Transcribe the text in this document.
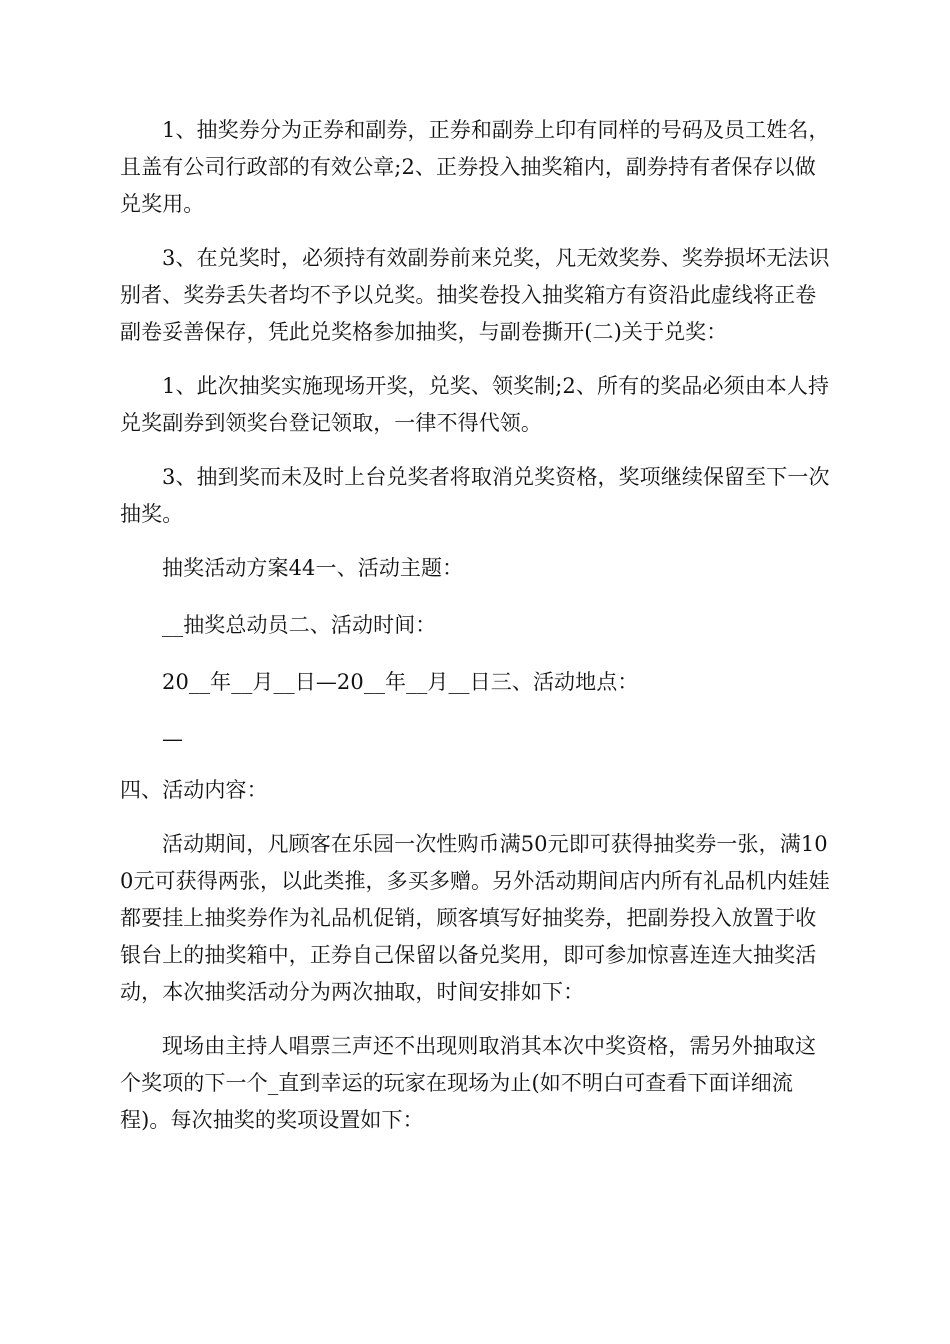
1、抽奖券分为正券和副券，正券和副券上印有同样的号码及员工姓名，且盖有公司行政部的有效公章;2、正券投入抽奖箱内，副券持有者保存以做兑奖用。

3、在兑奖时，必须持有效副券前来兑奖，凡无效奖券、奖券损坏无法识别者、奖券丢失者均不予以兑奖。抽奖卷投入抽奖箱方有资沿此虚线将正卷副卷妥善保存，凭此兑奖格参加抽奖，与副卷撕开(二)关于兑奖：

1、此次抽奖实施现场开奖，兑奖、领奖制;2、所有的奖品必须由本人持兑奖副券到领奖台登记领取，一律不得代领。

3、抽到奖而未及时上台兑奖者将取消兑奖资格，奖项继续保留至下一次抽奖。

抽奖活动方案44一、活动主题：

__抽奖总动员二、活动时间：

20__年__月__日—20__年__月__日三、活动地点：

—

四、活动内容：

活动期间，凡顾客在乐园一次性购币满50元即可获得抽奖券一张，满100元可获得两张，以此类推，多买多赠。另外活动期间店内所有礼品机内娃娃都要挂上抽奖券作为礼品机促销，顾客填写好抽奖券，把副券投入放置于收银台上的抽奖箱中，正券自己保留以备兑奖用，即可参加惊喜连连大抽奖活动，本次抽奖活动分为两次抽取，时间安排如下：

现场由主持人唱票三声还不出现则取消其本次中奖资格，需另外抽取这个奖项的下一个_直到幸运的玩家在现场为止(如不明白可查看下面详细流程)。每次抽奖的奖项设置如下：
